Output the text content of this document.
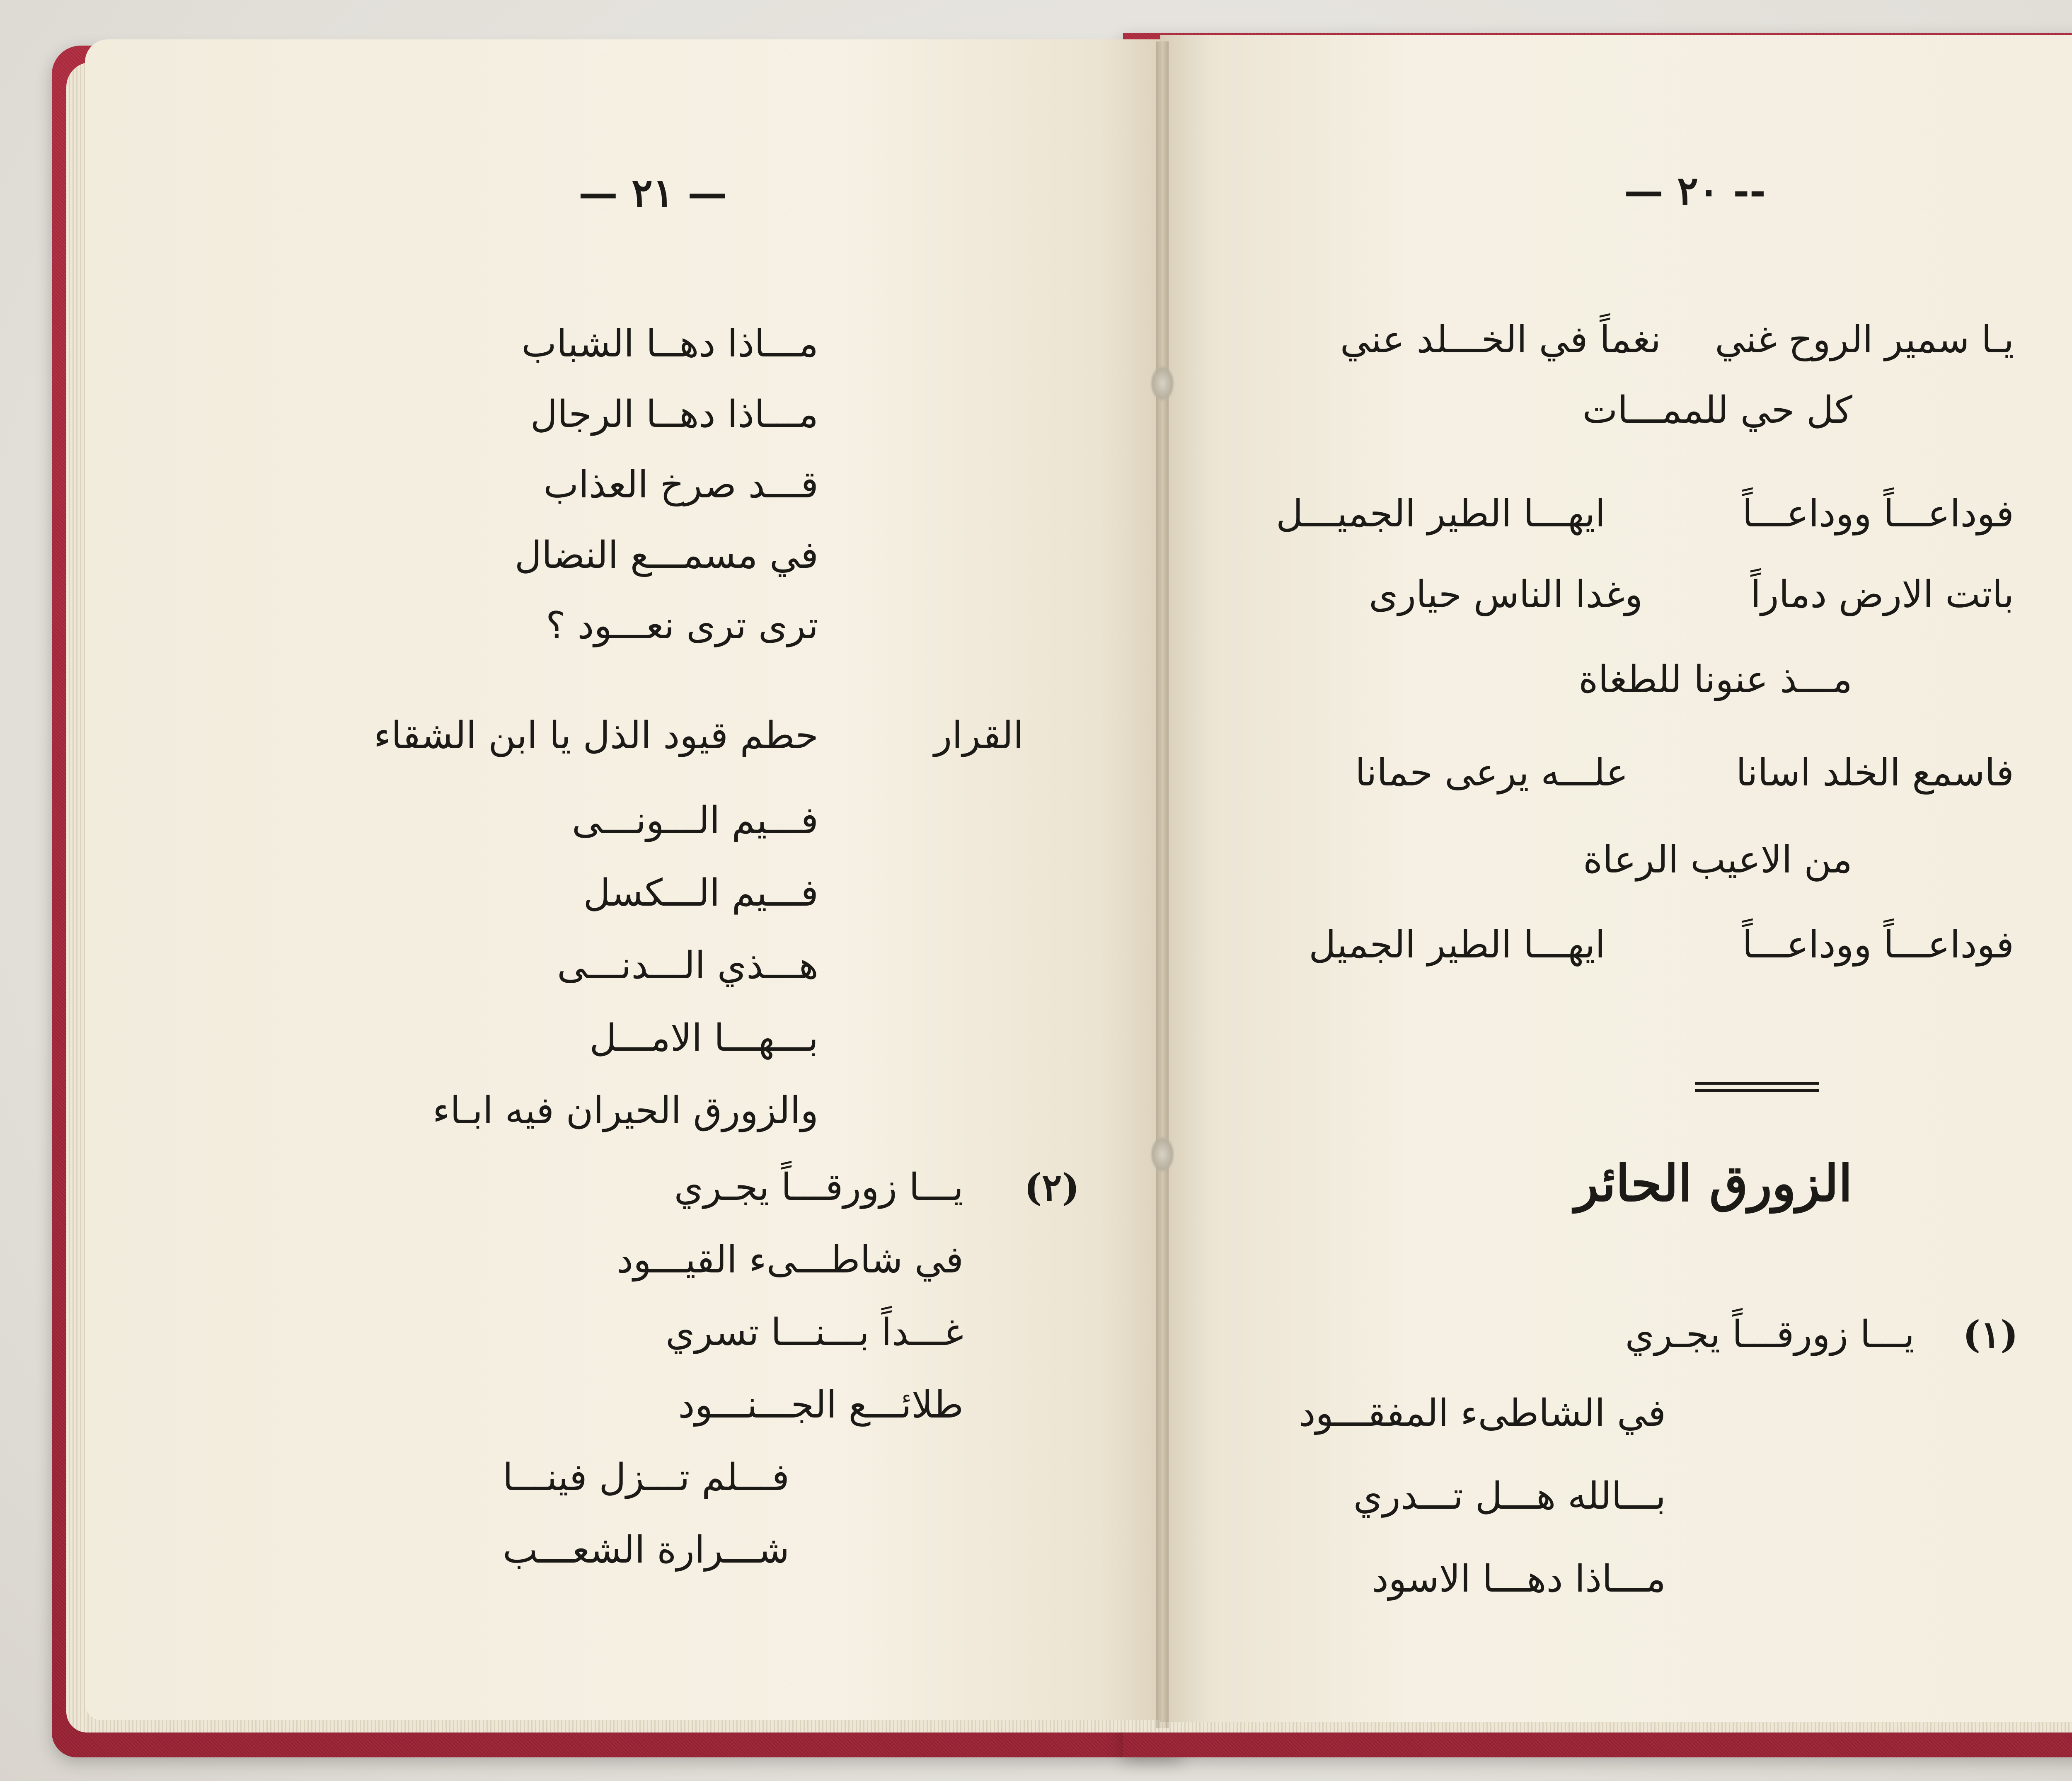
— ٢١ —
مـــاذا دهــا الشباب
مـــاذا دهــا الرجال
قـــد صرخ العذاب
في مسمـــع النضال
ترى ترى نعـــود ؟
القرار
حطم قيود الذل يا ابن الشقاء
فـــيم الـــونـــى
فـــيم الـــكسل
هـــذي الـــدنـــى
بـــهـــا الامـــل
والزورق الحيران فيه ابـاء
(٢)
يـــا زورقـــاً يجـري
في شاطـــىء القيـــود
غـــداً بـــنـــا تسري
طلائـــع الجـــنـــود
فـــلم تـــزل فينـــا
شـــرارة الشعـــب
-- ٢٠ —
يـا سمير الروح غنينغماً في الخـــلد عني
كل حي للممـــات
فوداعـــاً ووداعـــاًايهـــا الطير الجميـــل
باتت الارض دماراًوغدا الناس حيارى
مـــذ عنونا للطغاة
فاسمع الخلد اساناعلـــه يرعى حمانا
من الاعيب الرعاة
فوداعـــاً ووداعـــاًايهـــا الطير الجميل
الزورق الحائر
(١)
يـــا زورقـــاً يجـري
في الشاطىء المفقـــود
بـــالله هـــل تـــدري
مـــاذا دهـــا الاسود
